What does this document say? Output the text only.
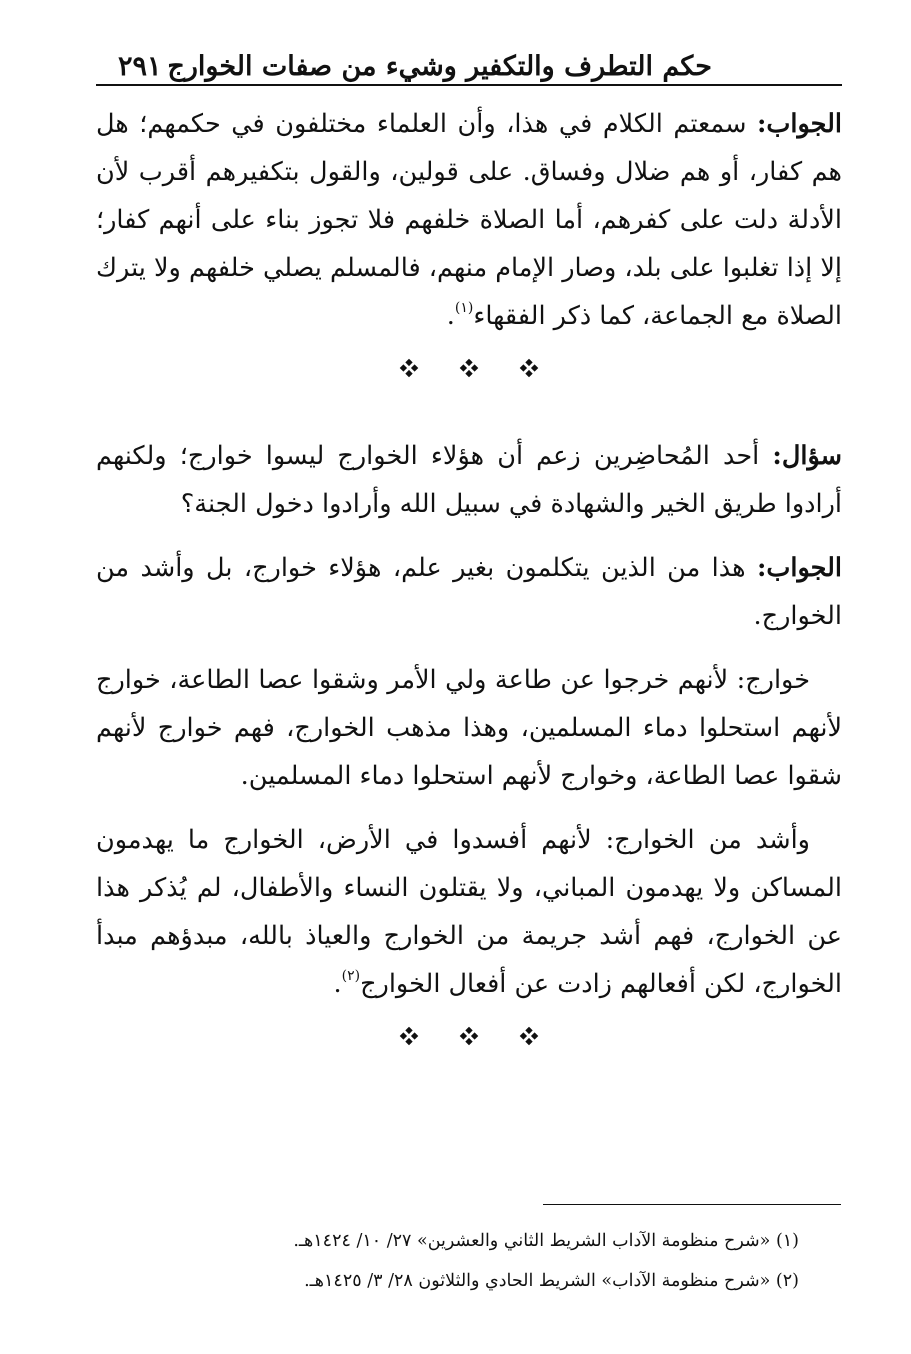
حكم التطرف والتكفير وشيء من صفات الخوارج
٢٩١

الجواب: سمعتم الكلام في هذا، وأن العلماء مختلفون في حكمهم؛ هل هم كفار، أو هم ضلال وفساق. على قولين، والقول بتكفيرهم أقرب لأن الأدلة دلت على كفرهم، أما الصلاة خلفهم فلا تجوز بناء على أنهم كفار؛ إلا إذا تغلبوا على بلد، وصار الإمام منهم، فالمسلم يصلي خلفهم ولا يترك الصلاة مع الجماعة، كما ذكر الفقهاء$^{(١)}$.

سؤال: أحد المُحاضِرين زعم أن هؤلاء الخوارج ليسوا خوارج؛ ولكنهم أرادوا طريق الخير والشهادة في سبيل الله وأرادوا دخول الجنة؟

الجواب: هذا من الذين يتكلمون بغير علم، هؤلاء خوارج، بل وأشد من الخوارج.

خوارج: لأنهم خرجوا عن طاعة ولي الأمر وشقوا عصا الطاعة، خوارج لأنهم استحلوا دماء المسلمين، وهذا مذهب الخوارج، فهم خوارج لأنهم شقوا عصا الطاعة، وخوارج لأنهم استحلوا دماء المسلمين.

وأشد من الخوارج: لأنهم أفسدوا في الأرض، الخوارج ما يهدمون المساكن ولا يهدمون المباني، ولا يقتلون النساء والأطفال، لم يُذكر هذا عن الخوارج، فهم أشد جريمة من الخوارج والعياذ بالله، مبدؤهم مبدأ الخوارج، لكن أفعالهم زادت عن أفعال الخوارج$^{(٢)}$.

(١) «شرح منظومة الآداب الشريط الثاني والعشرين» ٢٧/ ١٠/ ١٤٢٤هـ.
(٢) «شرح منظومة الآداب» الشريط الحادي والثلاثون ٢٨/ ٣/ ١٤٢٥هـ.
